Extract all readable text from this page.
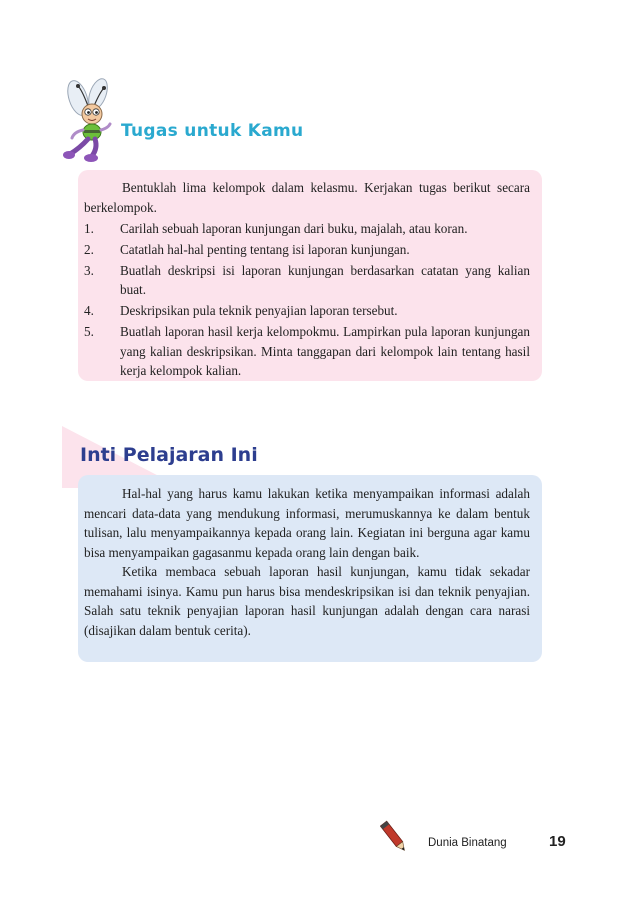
Tugas untuk Kamu

Bentuklah lima kelompok dalam kelasmu. Kerjakan tugas berikut secara berkelompok.

1. Carilah sebuah laporan kunjungan dari buku, majalah, atau koran.
2. Catatlah hal-hal penting tentang isi laporan kunjungan.
3. Buatlah deskripsi isi laporan kunjungan berdasarkan catatan yang kalian buat.
4. Deskripsikan pula teknik penyajian laporan tersebut.
5. Buatlah laporan hasil kerja kelompokmu. Lampirkan pula laporan kunjungan yang kalian deskripsikan. Minta tanggapan dari kelompok lain tentang hasil kerja kelompok kalian.
Inti Pelajaran Ini

Hal-hal yang harus kamu lakukan ketika menyampaikan informasi adalah mencari data-data yang mendukung informasi, merumuskannya ke dalam bentuk tulisan, lalu menyampaikannya kepada orang lain. Kegiatan ini berguna agar kamu bisa menyampaikan gagasanmu kepada orang lain dengan baik.

Ketika membaca sebuah laporan hasil kunjungan, kamu tidak sekadar memahami isinya. Kamu pun harus bisa mendeskripsikan isi dan teknik penyajian. Salah satu teknik penyajian laporan hasil kunjungan adalah dengan cara narasi (disajikan dalam bentuk cerita).

Dunia Binatang	19
